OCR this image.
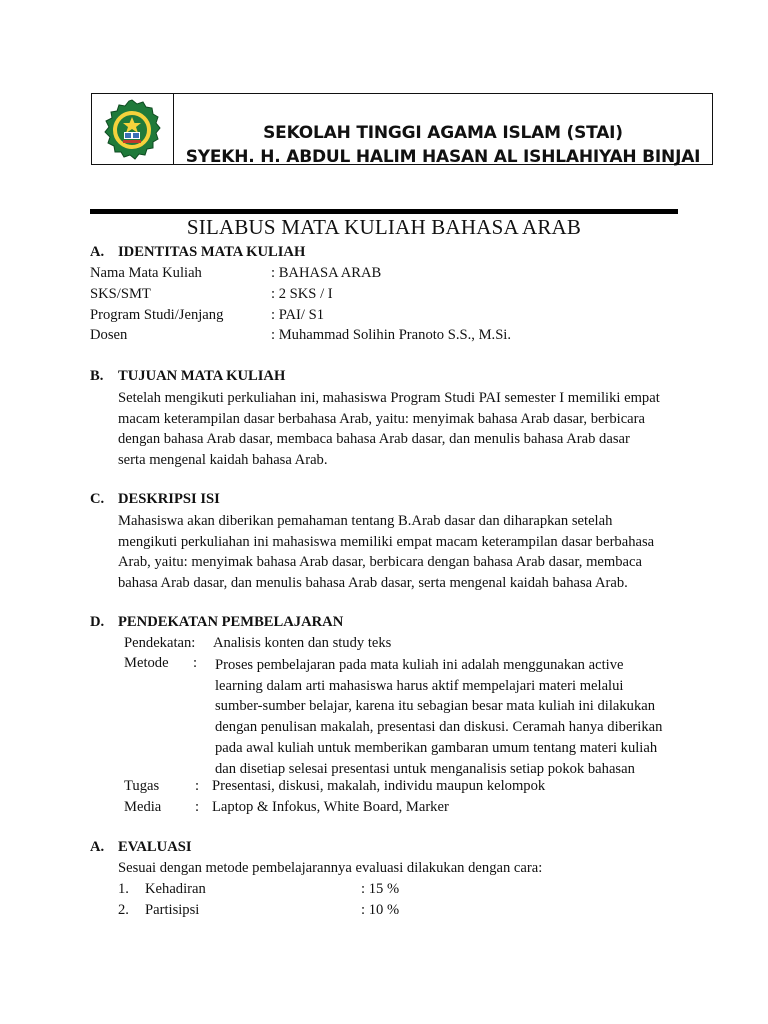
SEKOLAH TINGGI AGAMA ISLAM (STAI)
SYEKH. H. ABDUL HALIM HASAN AL ISHLAHIYAH BINJAI
SILABUS MATA KULIAH BAHASA ARAB
A. IDENTITAS MATA KULIAH
Nama Mata Kuliah	: BAHASA ARAB
SKS/SMT	: 2 SKS / I
Program Studi/Jenjang	: PAI/ S1
Dosen	: Muhammad Solihin Pranoto S.S., M.Si.
B. TUJUAN MATA KULIAH
Setelah mengikuti perkuliahan ini, mahasiswa Program Studi PAI semester I memiliki empat
macam keterampilan dasar berbahasa Arab, yaitu: menyimak bahasa Arab dasar, berbicara
dengan bahasa Arab dasar, membaca bahasa Arab dasar, dan menulis bahasa Arab dasar
serta mengenal kaidah bahasa Arab.
C. DESKRIPSI ISI
Mahasiswa akan diberikan pemahaman tentang B.Arab dasar dan diharapkan setelah
mengikuti perkuliahan ini mahasiswa memiliki empat macam keterampilan dasar berbahasa
Arab, yaitu: menyimak bahasa Arab dasar, berbicara dengan bahasa Arab dasar, membaca
bahasa Arab dasar, dan menulis bahasa Arab dasar, serta mengenal kaidah bahasa Arab.
D. PENDEKATAN PEMBELAJARAN
Pendekatan: Analisis konten dan study teks
Metode : Proses pembelajaran pada mata kuliah ini adalah menggunakan active
learning dalam arti mahasiswa harus aktif mempelajari materi melalui
sumber-sumber belajar, karena itu sebagian besar mata kuliah ini dilakukan
dengan penulisan makalah, presentasi dan diskusi. Ceramah hanya diberikan
pada awal kuliah untuk memberikan gambaran umum tentang materi kuliah
dan disetiap selesai presentasi untuk menganalisis setiap pokok bahasan
Tugas : Presentasi, diskusi, makalah, individu maupun kelompok
Media : Laptop & Infokus, White Board, Marker
A. EVALUASI
Sesuai dengan metode pembelajarannya evaluasi dilakukan dengan cara:
1. Kehadiran	: 15 %
2. Partisipsi	: 10 %
